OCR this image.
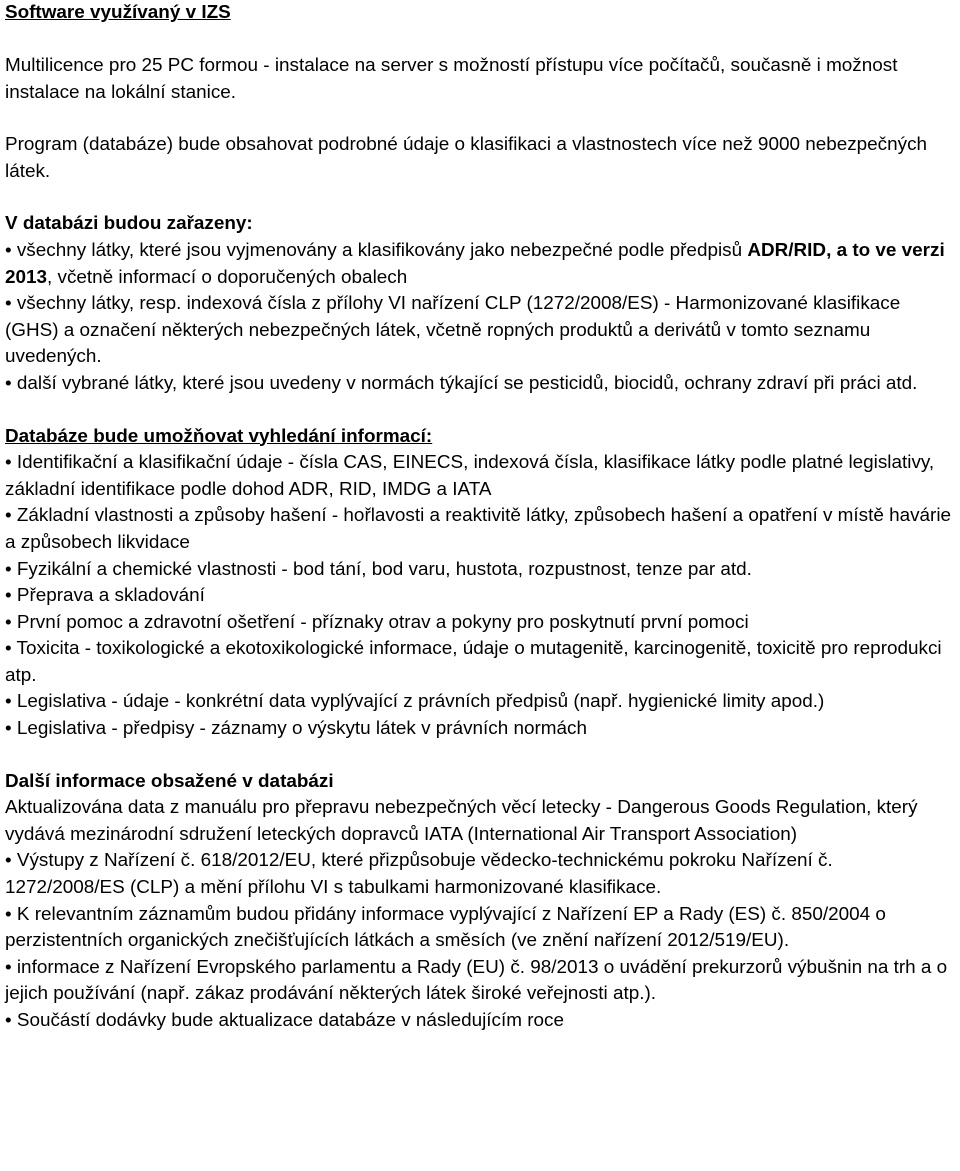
Software využívaný v IZS

Multilicence pro 25 PC formou - instalace na server s možností přístupu více počítačů, současně i možnost instalace na lokální stanice.

Program (databáze) bude obsahovat podrobné údaje o klasifikaci a vlastnostech více než 9000 nebezpečných látek.

V databázi budou zařazeny:

• všechny látky, které jsou vyjmenovány a klasifikovány jako nebezpečné podle předpisů ADR/RID, a to ve verzi 2013, včetně informací o doporučených obalech

• všechny látky, resp. indexová čísla z přílohy VI nařízení CLP (1272/2008/ES) - Harmonizované klasifikace (GHS) a označení některých nebezpečných látek, včetně ropných produktů a derivátů v tomto seznamu uvedených.

• další vybrané látky, které jsou uvedeny v normách týkající se pesticidů, biocidů, ochrany zdraví při práci atd.

Databáze bude umožňovat vyhledání informací:

• Identifikační a klasifikační údaje - čísla CAS, EINECS, indexová čísla, klasifikace látky podle platné legislativy, základní identifikace podle dohod ADR, RID, IMDG a IATA

• Základní vlastnosti a způsoby hašení - hořlavosti a reaktivitě látky, způsobech hašení a opatření v místě havárie a způsobech likvidace

• Fyzikální a chemické vlastnosti - bod tání, bod varu, hustota, rozpustnost, tenze par atd.

• Přeprava a skladování

• První pomoc a zdravotní ošetření - příznaky otrav a pokyny pro poskytnutí první pomoci

• Toxicita - toxikologické a ekotoxikologické informace, údaje o mutagenitě, karcinogenitě, toxicitě pro reprodukci atp.

• Legislativa - údaje - konkrétní data vyplývající z právních předpisů (např. hygienické limity apod.)

• Legislativa - předpisy - záznamy o výskytu látek v právních normách

Další informace obsažené v databázi

Aktualizována data z manuálu pro přepravu nebezpečných věcí letecky - Dangerous Goods Regulation, který vydává mezinárodní sdružení leteckých dopravců IATA (International Air Transport Association)

• Výstupy z Nařízení č. 618/2012/EU, které přizpůsobuje vědecko-technickému pokroku Nařízení č. 1272/2008/ES (CLP) a mění přílohu VI s tabulkami harmonizované klasifikace.

• K relevantním záznamům budou přidány informace vyplývající z Nařízení EP a Rady (ES) č. 850/2004 o perzistentních organických znečišťujících látkách a směsích (ve znění nařízení 2012/519/EU).

• informace z Nařízení Evropského parlamentu a Rady (EU) č. 98/2013 o uvádění prekurzorů výbušnin na trh a o jejich používání (např. zákaz prodávání některých látek široké veřejnosti atp.).

• Součástí dodávky bude aktualizace databáze v následujícím roce
